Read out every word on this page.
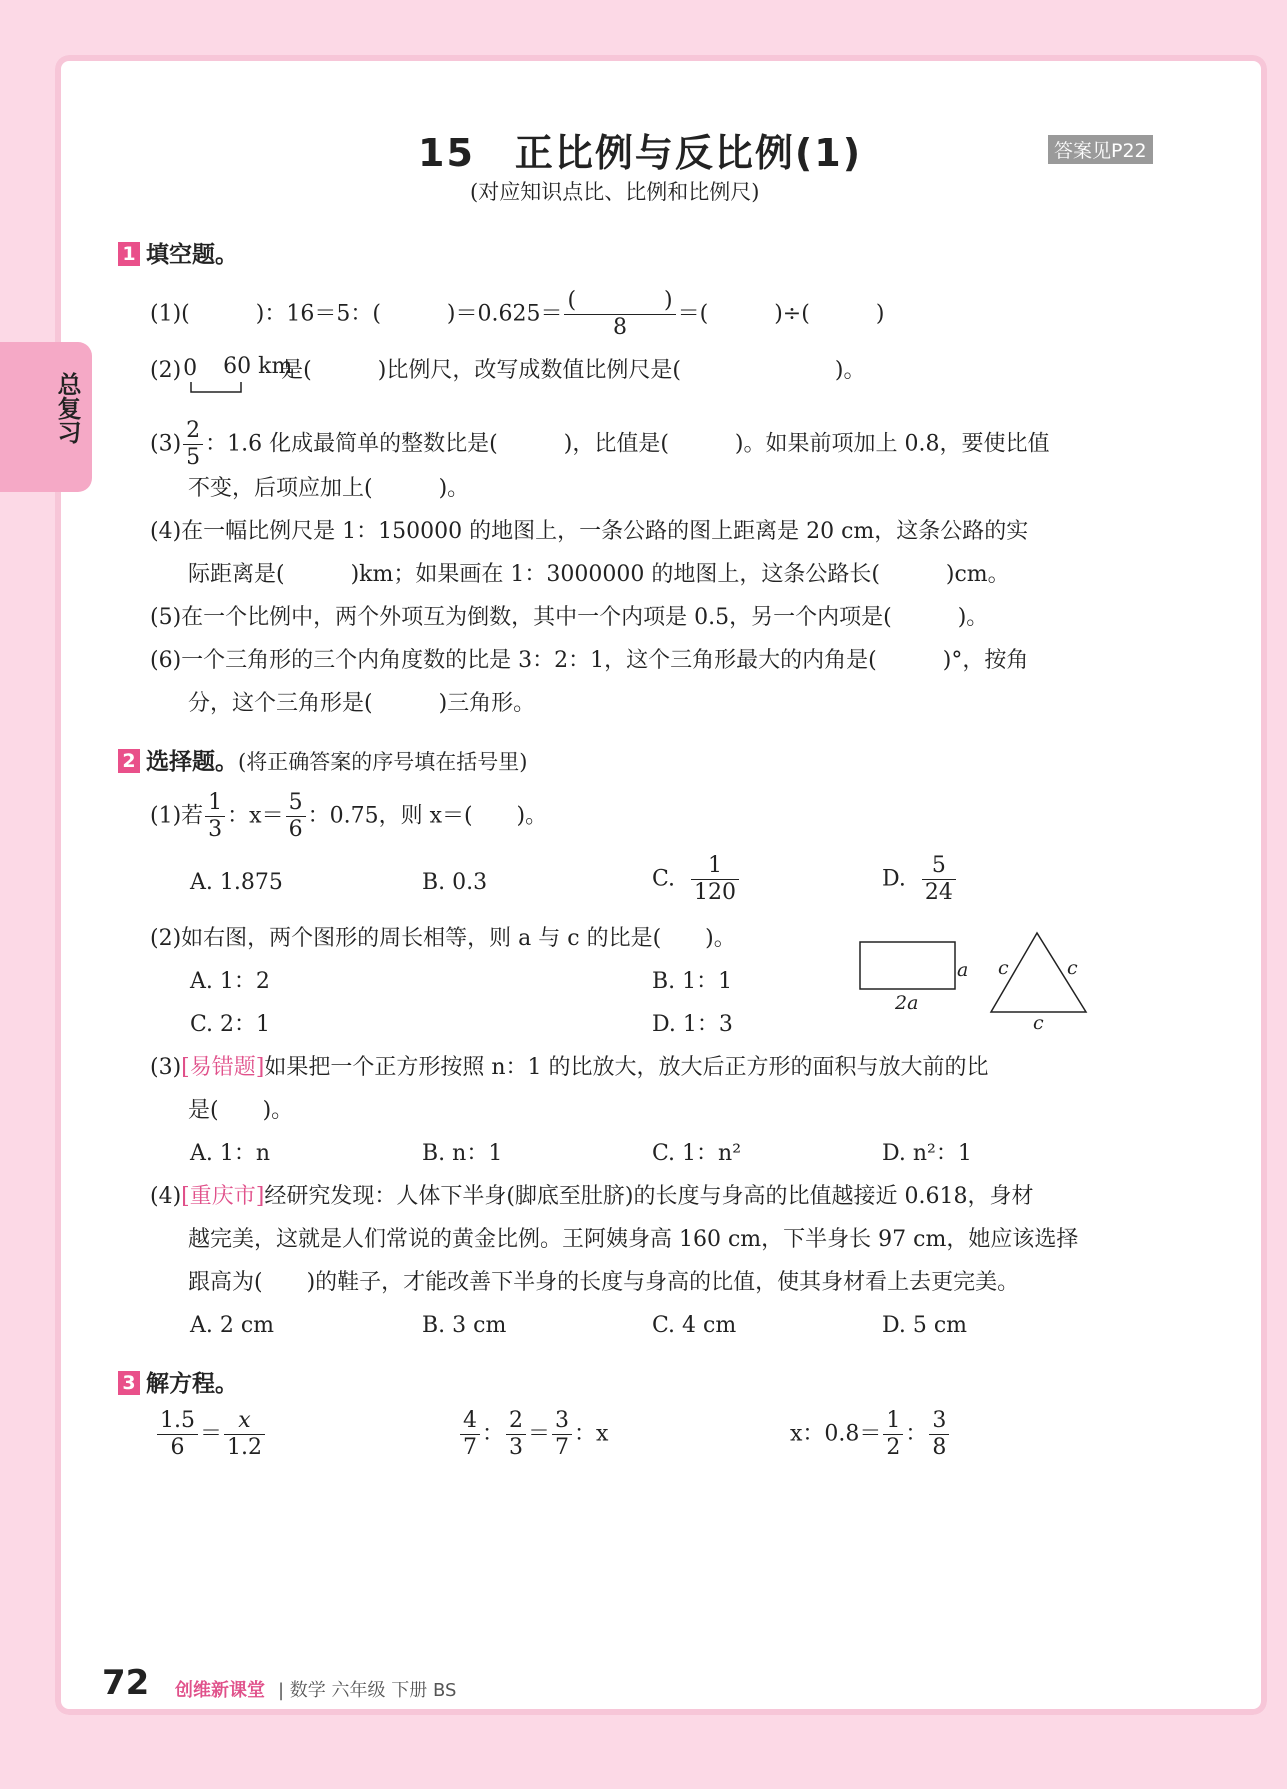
总复习
15　正比例与反比例(1)
(对应知识点比、比例和比例尺)
答案见P22
1 填空题。
(1)(　　　)：16＝5：(　　　)$=0.625= \frac{( )}{8}$ ＝(　　　)÷(　　　)
(2) 0 60 km
是(　　　)比例尺，改写成数值比例尺是(　　　　　　　)。
$(3) \frac{2}{5}$ ：1.6 化成最简单的整数比是(　　　)，比值是(　　　)。如果前项加上 0.8，要使比值
不变，后项应加上(　　　)。
(4)在一幅比例尺是 1：150000 的地图上，一条公路的图上距离是 20 cm，这条公路的实
际距离是(　　　)km；如果画在 1：3000000 的地图上，这条公路长(　　　)cm。
(5)在一个比例中，两个外项互为倒数，其中一个内项是 0.5，另一个内项是(　　　)。
(6)一个三角形的三个内角度数的比是 3：2：1，这个三角形最大的内角是(　　　)°，按角
分，这个三角形是(　　　)三角形。
2 选择题。(将正确答案的序号填在括号里)
(1)若 $\frac{1}{3}$ ：$x= \frac{5}{6}$ ：0.75，则 x＝(　　)。
A. 1.875	B. 0.3	C. $\frac{1}{120}$	D. $\frac{5}{24}$
(2)如右图，两个图形的周长相等，则 a 与 c 的比是(　　)。
A. 1：2	B. 1：1
C. 2：1	D. 1：3
a
2a
c	c
c
(3)[易错题]如果把一个正方形按照 n：1 的比放大，放大后正方形的面积与放大前的比
是(　　)。
A. 1：n	B. n：1	C. 1：n²	D. n²：1
(4)[重庆市]经研究发现：人体下半身(脚底至肚脐)的长度与身高的比值越接近 0.618，身材
越完美，这就是人们常说的黄金比例。王阿姨身高 160 cm，下半身长 97 cm，她应该选择
跟高为(　　)的鞋子，才能改善下半身的长度与身高的比值，使其身材看上去更完美。
A. 2 cm	B. 3 cm	C. 4 cm	D. 5 cm
3 解方程。
$\frac{1.5}{6} = \frac{x}{1.2}$	$\frac{4}{7}$ ： $\frac{2}{3} = \frac{3}{7}$ ：x	x：$0.8= \frac{1}{2}$ ： $\frac{3}{8}$
72 创维新课堂 | 数学 六年级 下册 BS
